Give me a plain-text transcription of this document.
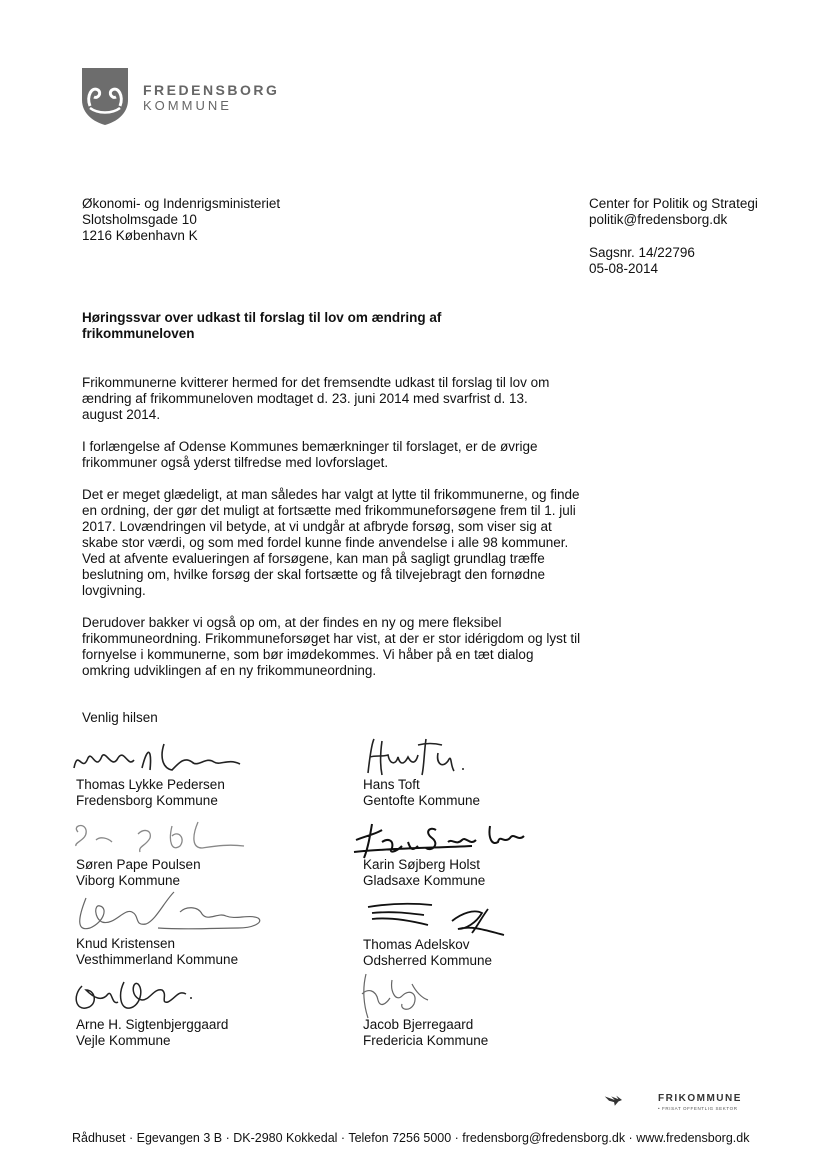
FREDENSBORG
KOMMUNE
Økonomi- og Indenrigsministeriet
Slotsholmsgade 10
1216 København K
Center for Politik og Strategi
politik@fredensborg.dk
Sagsnr. 14/22796
05-08-2014
Høringssvar over udkast til forslag til lov om ændring af
frikommuneloven

Frikommunerne kvitterer hermed for det fremsendte udkast til forslag til lov om
ændring af frikommuneloven modtaget d. 23. juni 2014 med svarfrist d. 13.
august 2014.

I forlængelse af Odense Kommunes bemærkninger til forslaget, er de øvrige
frikommuner også yderst tilfredse med lovforslaget.

Det er meget glædeligt, at man således har valgt at lytte til frikommunerne, og finde
en ordning, der gør det muligt at fortsætte med frikommuneforsøgene frem til 1. juli
2017. Lovændringen vil betyde, at vi undgår at afbryde forsøg, som viser sig at
skabe stor værdi, og som med fordel kunne finde anvendelse i alle 98 kommuner.
Ved at afvente evalueringen af forsøgene, kan man på sagligt grundlag træffe
beslutning om, hvilke forsøg der skal fortsætte og få tilvejebragt den fornødne
lovgivning.

Derudover bakker vi også op om, at der findes en ny og mere fleksibel
frikommuneordning. Frikommuneforsøget har vist, at der er stor idérigdom og lyst til
fornyelse i kommunerne, som bør imødekommes. Vi håber på en tæt dialog
omkring udviklingen af en ny frikommuneordning.

Venlig hilsen
Thomas Lykke Pedersen
Fredensborg Kommune
Hans Toft
Gentofte Kommune
Søren Pape Poulsen
Viborg Kommune
Karin Søjberg Holst
Gladsaxe Kommune
Knud Kristensen
Vesthimmerland Kommune
Thomas Adelskov
Odsherred Kommune
Arne H. Sigtenbjerggaard
Vejle Kommune
Jacob Bjerregaard
Fredericia Kommune
FRIKOMMUNE
• FRISAT OFFENTLIG SEKTOR
Rådhuset · Egevangen 3 B · DK-2980 Kokkedal · Telefon 7256 5000 · fredensborg@fredensborg.dk · www.fredensborg.dk
